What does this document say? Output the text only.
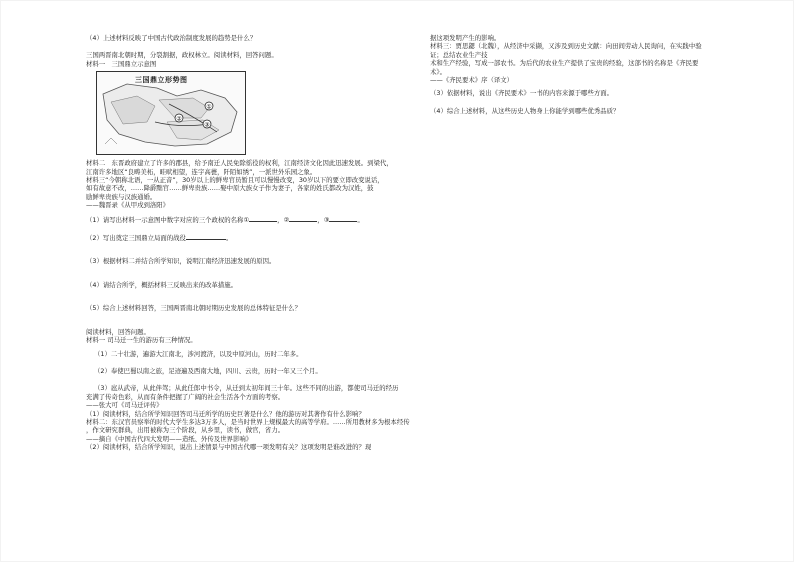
（4）上述材料反映了中国古代政治制度发展的趋势是什么？

三国两晋南北朝时期，分裂割据，政权林立。阅读材料，回答问题。

材料一　三国鼎立示意图

①
②
③
三国鼎立形势图

材料二　东晋政府建立了许多的郡县，给予南迁人民免除徭役的权利，江南经济文化因此迅速发展。到梁代，

江南许多地区“良畴美柘，畦畎相望，连宇高甍，阡陌如绣”，一派世外乐园之象。

材料三“今朝称北语，一从正音”，30岁以上的鲜卑官员暂且可以慢慢改变，30岁以下的要立即改变说话，

如有故意不改，……降爵黜官……鲜卑贵族……娶中原大族女子作为妻子，各家的姓氏都改为汉姓，鼓

励鲜卑贵族与汉族通婚。

——魏晋录《从甲戌到洛阳》

（1）请写出材料一示意图中数字对应的三个政权的名称①	，②	，③	。

（2）写出奠定三国鼎立局面的战役	。

（3）根据材料二并结合所学知识，说明江南经济迅速发展的原因。

（4）请结合所学，概括材料三反映出来的改革措施。

（5）综合上述材料回答，三国两晋南北朝时期历史发展的总体特征是什么？

阅读材料，回答问题。

材料一 司马迁一生的游历有三种情况。

（1）二十壮游，遍游大江南北，涉河渡济，以及中原河山，历时二年多。

（2）奉使巴蜀以南之旅，足迹遍及西南大地，四川、云贵，历时一年又三个月。

（3）扈从武帝，从此伴驾；从此任郎中书令，从迁到太初年间三十年。这些不同的出游，都使司马迁的经历

充满了传奇色彩，从而有条件把握了广阔的社会生活各个方面的考察。

——张大可《司马迁评传》

（1）阅读材料，结合所学知识回答司马迁所学的历史巨著是什么？他的游历对其著作有什么影响？

材料二：东汉官员察举的时代大学生多达3万多人，是当时世界上规模最大的高等学府。……所用教材多为根本经传

，作文研究群典，出用被称为三个阶段，从乡里，读书，做官，省力。

——摘自《中国古代四大发明——造纸、外传及世界影响》

（2）阅读材料，结合所学知识，说出上述情景与中国古代哪一项发明有关？这项发明是谁改进的？现

据这项发明产生的影响。

材料三：贾思勰（北魏），从经济中采撷，又涉及到历史文献：向田间劳动人民询问，在实践中验证；总结农业生产技

术和生产经验，写成一部农书。为后代的农业生产提供了宝贵的经验，这部书的名称是《齐民要术》。

——《齐民要术》序（译文）

（3）依据材料，说出《齐民要术》一书的内容来源于哪些方面。

（4）综合上述材料，从这些历史人物身上你能学到哪些优秀品质？
